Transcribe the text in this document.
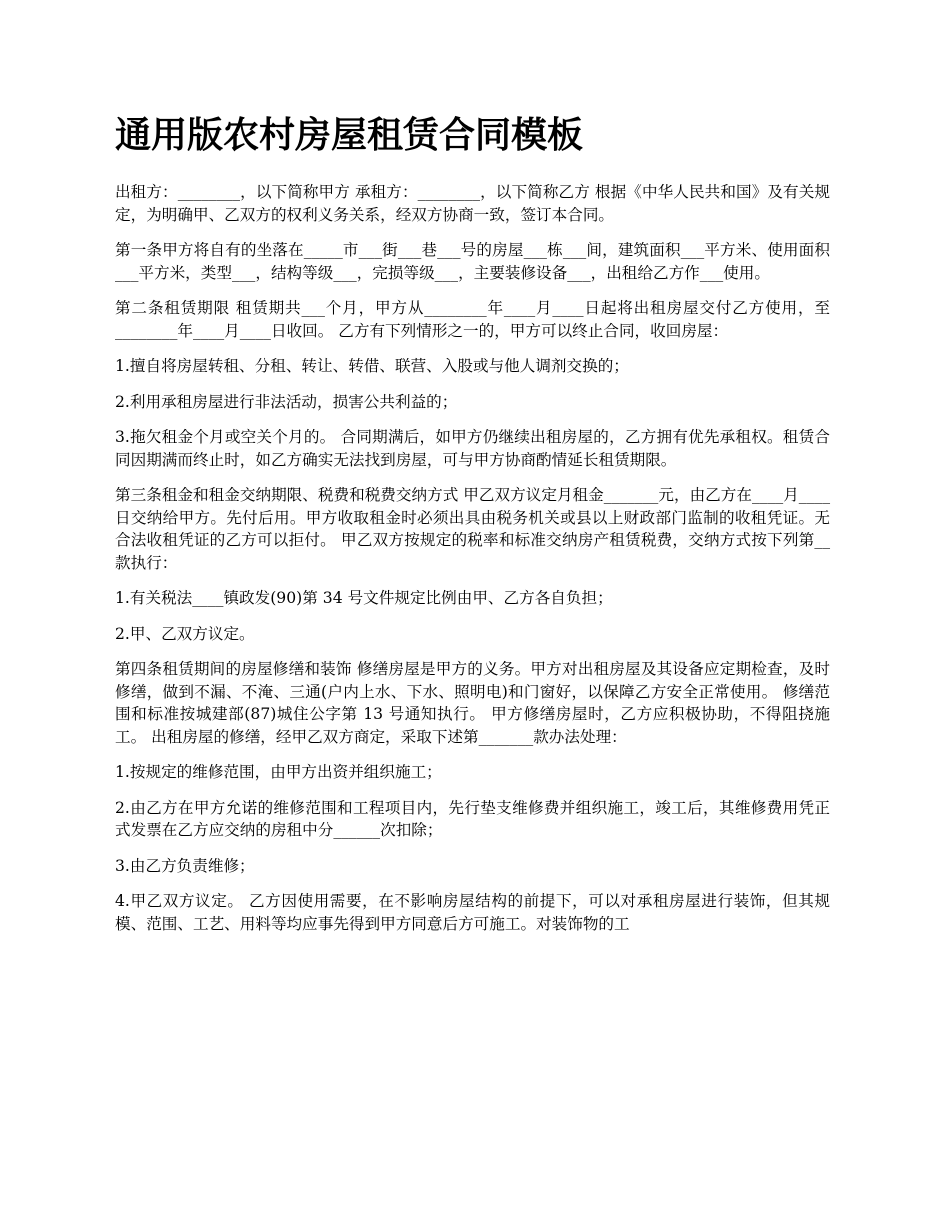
通用版农村房屋租赁合同模板

出租方：________，以下简称甲方 承租方：________，以下简称乙方 根据《中华人民共和国》及有关规定，为明确甲、乙双方的权利义务关系，经双方协商一致，签订本合同。

第一条甲方将自有的坐落在_____市___街___巷___号的房屋___栋___间，建筑面积___平方米、使用面积___平方米，类型___，结构等级___，完损等级___，主要装修设备___，出租给乙方作___使用。

第二条租赁期限 租赁期共___个月，甲方从________年____月____日起将出租房屋交付乙方使用，至________年____月____日收回。 乙方有下列情形之一的，甲方可以终止合同，收回房屋：

1.擅自将房屋转租、分租、转让、转借、联营、入股或与他人调剂交换的；

2.利用承租房屋进行非法活动，损害公共利益的；

3.拖欠租金个月或空关个月的。 合同期满后，如甲方仍继续出租房屋的，乙方拥有优先承租权。租赁合同因期满而终止时，如乙方确实无法找到房屋，可与甲方协商酌情延长租赁期限。

第三条租金和租金交纳期限、税费和税费交纳方式 甲乙双方议定月租金_______元，由乙方在____月____日交纳给甲方。先付后用。甲方收取租金时必须出具由税务机关或县以上财政部门监制的收租凭证。无合法收租凭证的乙方可以拒付。 甲乙双方按规定的税率和标准交纳房产租赁税费，交纳方式按下列第__款执行：

1.有关税法____镇政发(90)第 34 号文件规定比例由甲、乙方各自负担；

2.甲、乙双方议定。

第四条租赁期间的房屋修缮和装饰 修缮房屋是甲方的义务。甲方对出租房屋及其设备应定期检查，及时修缮，做到不漏、不淹、三通(户内上水、下水、照明电)和门窗好，以保障乙方安全正常使用。 修缮范围和标准按城建部(87)城住公字第 13 号通知执行。 甲方修缮房屋时，乙方应积极协助，不得阻挠施工。 出租房屋的修缮，经甲乙双方商定，采取下述第_______款办法处理：

1.按规定的维修范围，由甲方出资并组织施工；

2.由乙方在甲方允诺的维修范围和工程项目内，先行垫支维修费并组织施工，竣工后，其维修费用凭正式发票在乙方应交纳的房租中分______次扣除；

3.由乙方负责维修；

4.甲乙双方议定。 乙方因使用需要，在不影响房屋结构的前提下，可以对承租房屋进行装饰，但其规模、范围、工艺、用料等均应事先得到甲方同意后方可施工。对装饰物的工
